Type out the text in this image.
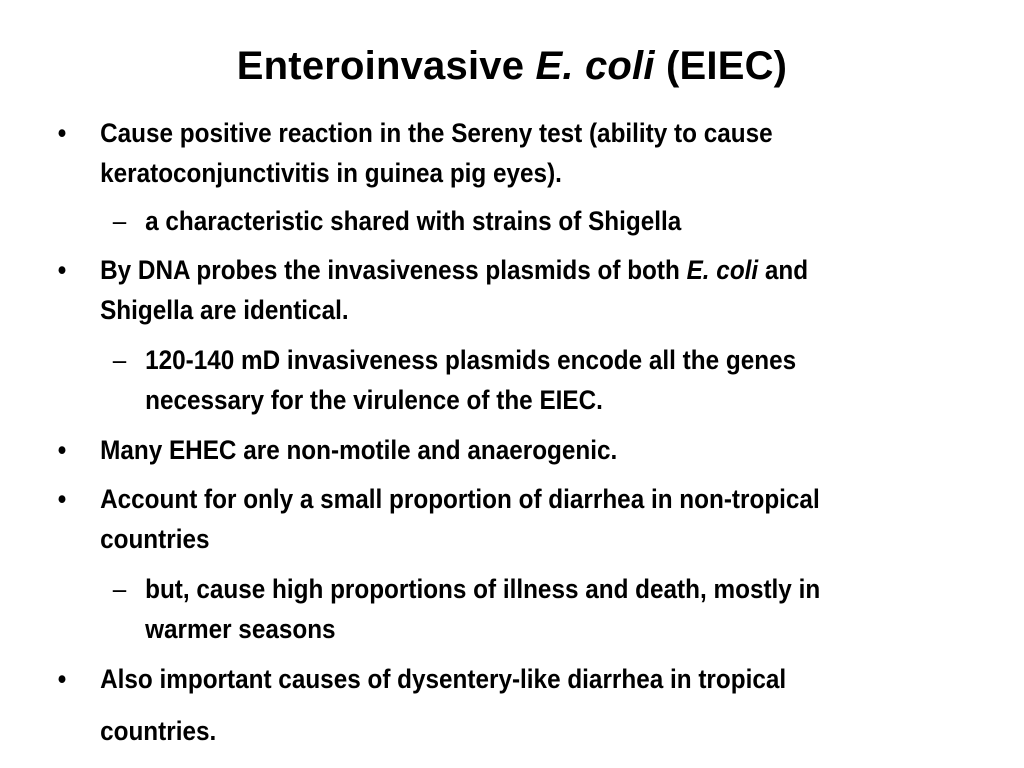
Enteroinvasive E. coli (EIEC)
• Cause positive reaction in the Sereny test (ability to cause
keratoconjunctivitis in guinea pig eyes).
– a characteristic shared with strains of Shigella
• By DNA probes the invasiveness plasmids of both E. coli and
Shigella are identical.
– 120-140 mD invasiveness plasmids encode all the genes
necessary for the virulence of the EIEC.
• Many EHEC are non-motile and anaerogenic.
• Account for only a small proportion of diarrhea in non-tropical
countries
– but, cause high proportions of illness and death, mostly in
warmer seasons
• Also important causes of dysentery-like diarrhea in tropical
countries.
